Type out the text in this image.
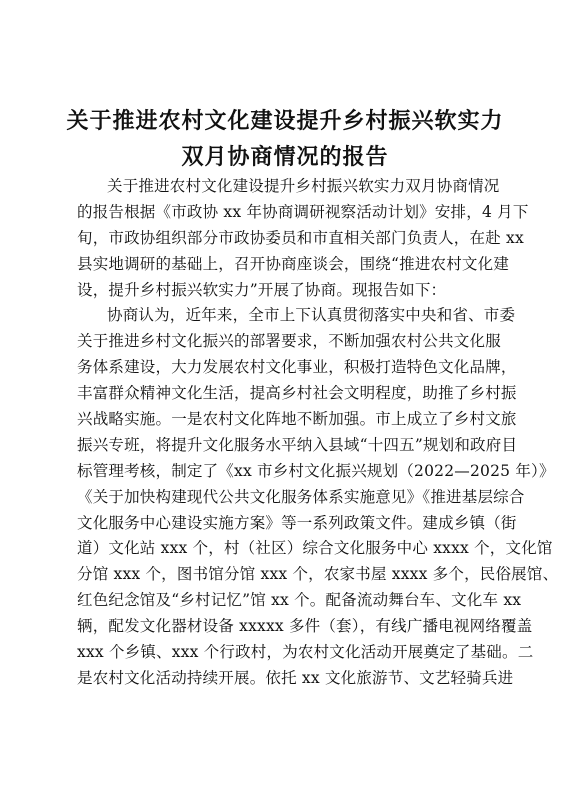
关于推进农村文化建设提升乡村振兴软实力
双月协商情况的报告
关于推进农村文化建设提升乡村振兴软实力双月协商情况
的报告根据《市政协 xx 年协商调研视察活动计划》安排，4 月下
旬，市政协组织部分市政协委员和市直相关部门负责人，在赴 xx
县实地调研的基础上，召开协商座谈会，围绕“推进农村文化建
设，提升乡村振兴软实力”开展了协商。现报告如下：
协商认为，近年来，全市上下认真贯彻落实中央和省、市委
关于推进乡村文化振兴的部署要求，不断加强农村公共文化服
务体系建设，大力发展农村文化事业，积极打造特色文化品牌，
丰富群众精神文化生活，提高乡村社会文明程度，助推了乡村振
兴战略实施。一是农村文化阵地不断加强。市上成立了乡村文旅
振兴专班，将提升文化服务水平纳入县域“十四五”规划和政府目
标管理考核，制定了《xx 市乡村文化振兴规划（2022—2025 年）》
《关于加快构建现代公共文化服务体系实施意见》《推进基层综合
文化服务中心建设实施方案》等一系列政策文件。建成乡镇（街
道）文化站 xxx 个，村（社区）综合文化服务中心 xxxx 个，文化馆
分馆 xxx 个，图书馆分馆 xxx 个，农家书屋 xxxx 多个，民俗展馆、
红色纪念馆及“乡村记忆”馆 xx 个。配备流动舞台车、文化车 xx
辆，配发文化器材设备 xxxxx 多件（套），有线广播电视网络覆盖
xxx 个乡镇、xxx 个行政村，为农村文化活动开展奠定了基础。二
是农村文化活动持续开展。依托 xx 文化旅游节、文艺轻骑兵进
